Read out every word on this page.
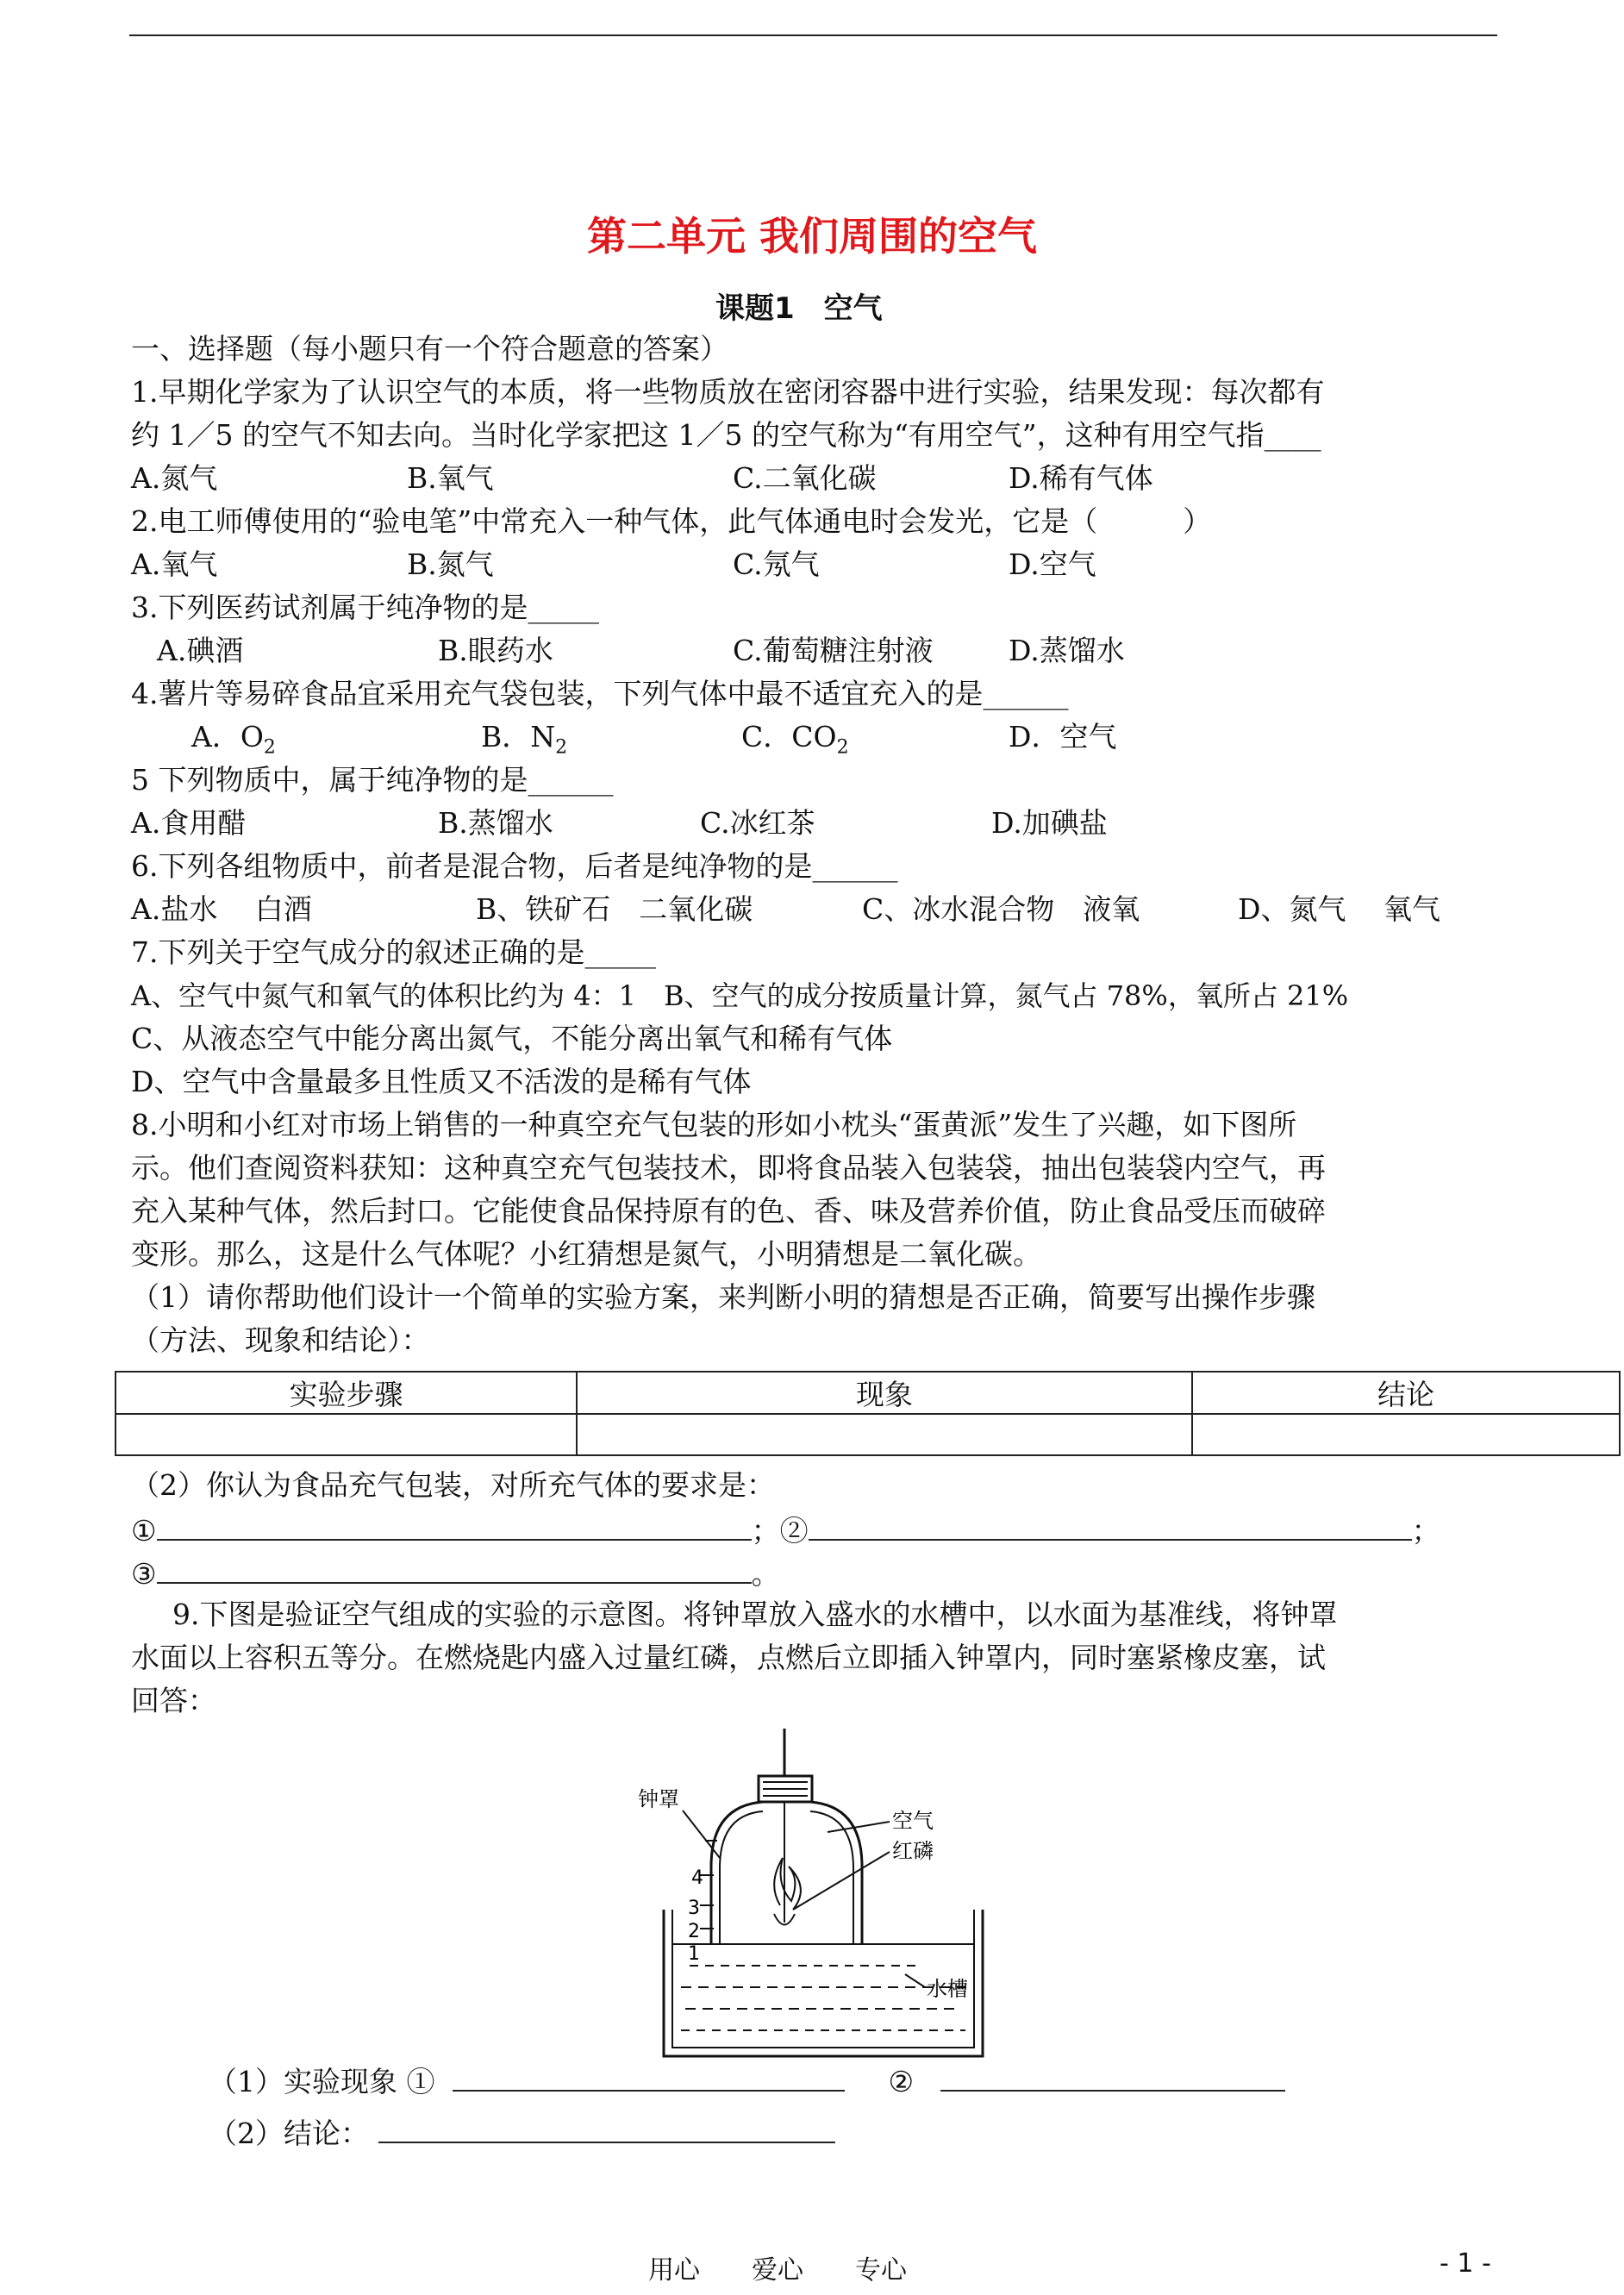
第二单元 我们周围的空气
课题1　空气
一、选择题（每小题只有一个符合题意的答案）
1.早期化学家为了认识空气的本质，将一些物质放在密闭容器中进行实验，结果发现：每次都有
约 1／5 的空气不知去向。当时化学家把这 1／5 的空气称为“有用空气”，这种有用空气指____
A.氮气	B.氧气	C.二氧化碳	D.稀有气体
2.电工师傅使用的“验电笔”中常充入一种气体，此气体通电时会发光，它是（　　　）
A.氧气	B.氮气	C.氖气	D.空气
3.下列医药试剂属于纯净物的是_____
A.碘酒	B.眼药水	C.葡萄糖注射液	D.蒸馏水
4.薯片等易碎食品宜采用充气袋包装，下列气体中最不适宜充入的是______
A．$O_2$	B．$N_2$	C．$CO_2$	D．空气
5 下列物质中，属于纯净物的是______
A.食用醋	B.蒸馏水	C.冰红茶	D.加碘盐
6.下列各组物质中，前者是混合物，后者是纯净物的是______
A.盐水　 白酒	B、铁矿石　二氧化碳	C、冰水混合物　液氧	D、氮气　 氧气
7.下列关于空气成分的叙述正确的是_____
A、空气中氮气和氧气的体积比约为 4：1　B、空气的成分按质量计算，氮气占 78%，氧所占 21%
C、从液态空气中能分离出氮气，不能分离出氧气和稀有气体
D、空气中含量最多且性质又不活泼的是稀有气体
8.小明和小红对市场上销售的一种真空充气包装的形如小枕头“蛋黄派”发生了兴趣，如下图所
示。他们查阅资料获知：这种真空充气包装技术，即将食品装入包装袋，抽出包装袋内空气，再
充入某种气体，然后封口。它能使食品保持原有的色、香、味及营养价值，防止食品受压而破碎
变形。那么，这是什么气体呢？小红猜想是氮气，小明猜想是二氧化碳。
（1）请你帮助他们设计一个简单的实验方案，来判断小明的猜想是否正确，简要写出操作步骤
（方法、现象和结论）：
实验步骤	现象	结论

（2）你认为食品充气包装，对所充气体的要求是：
①	；②	；
③	。
9.下图是验证空气组成的实验的示意图。将钟罩放入盛水的水槽中，以水面为基准线，将钟罩
水面以上容积五等分。在燃烧匙内盛入过量红磷，点燃后立即插入钟罩内，同时塞紧橡皮塞，试
回答：
4
3
2
1
钟罩
空气
红磷
水槽
（1）实验现象 ①	②
（2）结论：
用心　　爱心　　专心	- 1 -
